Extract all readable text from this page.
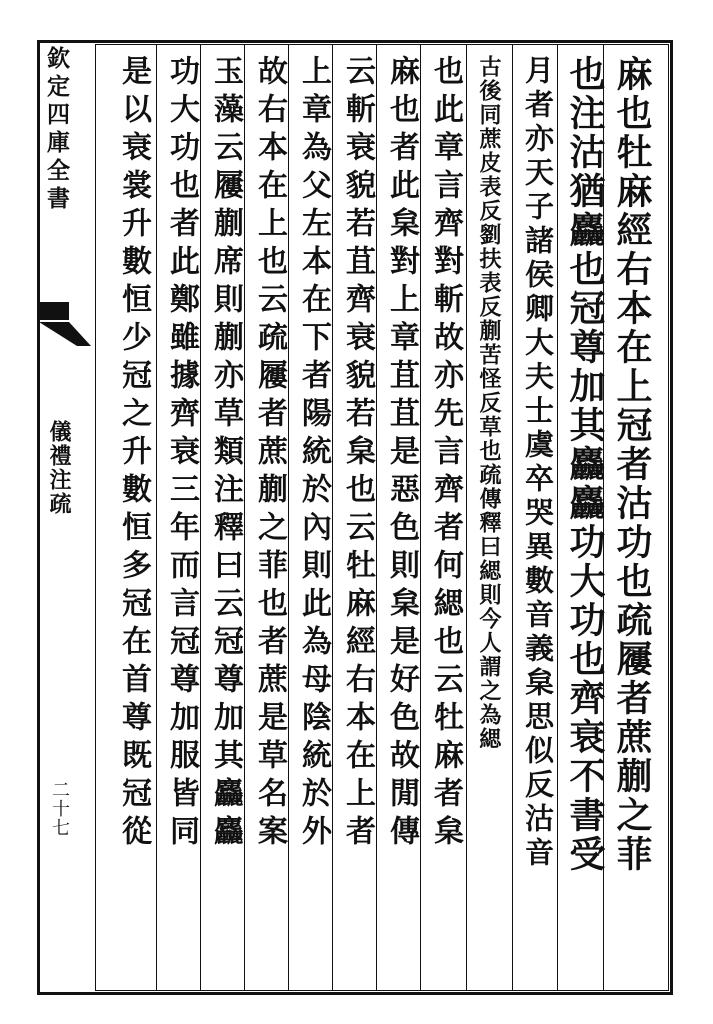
欽定四庫全書
儀禮注疏
二十七	麻也牡麻經右本在上冠者沽功也疏屨者蔗蒯之菲
也注沽猶麤也冠尊加其麤麤功大功也齊衰不書受
月者亦天子諸侯卿大夫士虞卒哭異數音義枲思似反沽音
古後同蔗皮表反劉扶表反蒯苦怪反草也疏傳釋曰緦則今人謂之為緦
也此章言齊對斬故亦先言齊者何緦也云牡麻者枲
麻也者此枲對上章苴苴是惡色則枲是好色故閒傳
云斬衰貌若苴齊衰貌若枲也云牡麻經右本在上者
上章為父左本在下者陽統於內則此為母陰統於外
故右本在上也云疏屨者蔗蒯之菲也者蔗是草名案
玉藻云屨蒯席則蒯亦草類注釋曰云冠尊加其麤麤
功大功也者此鄭雖據齊衰三年而言冠尊加服皆同
是以衰裳升數恒少冠之升數恒多冠在首尊既冠從
